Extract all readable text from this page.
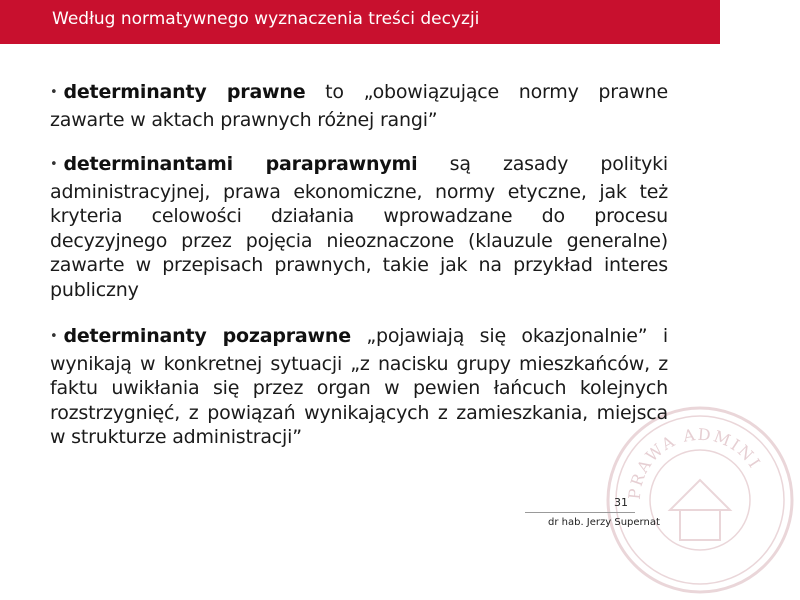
Według normatywnego wyznaczenia treści decyzji
PRAWA ADMINI
• determinanty prawne to „obowiązujące normy prawne zawarte w aktach prawnych różnej rangi”
• determinantami paraprawnymi są zasady polityki administracyjnej, prawa ekonomiczne, normy etyczne, jak też kryteria celowości działania wprowadzane do procesu decyzyjnego przez pojęcia nieoznaczone (klauzule generalne) zawarte w przepisach prawnych, takie jak na przykład interes publiczny
• determinanty pozaprawne „pojawiają się okazjonalnie” i wynikają w konkretnej sytuacji „z nacisku grupy mieszkańców, z faktu uwikłania się przez organ w pewien łańcuch kolejnych rozstrzygnięć, z powiązań wynikających z zamieszkania, miejsca w strukturze administracji”
31
dr hab. Jerzy Supernat
